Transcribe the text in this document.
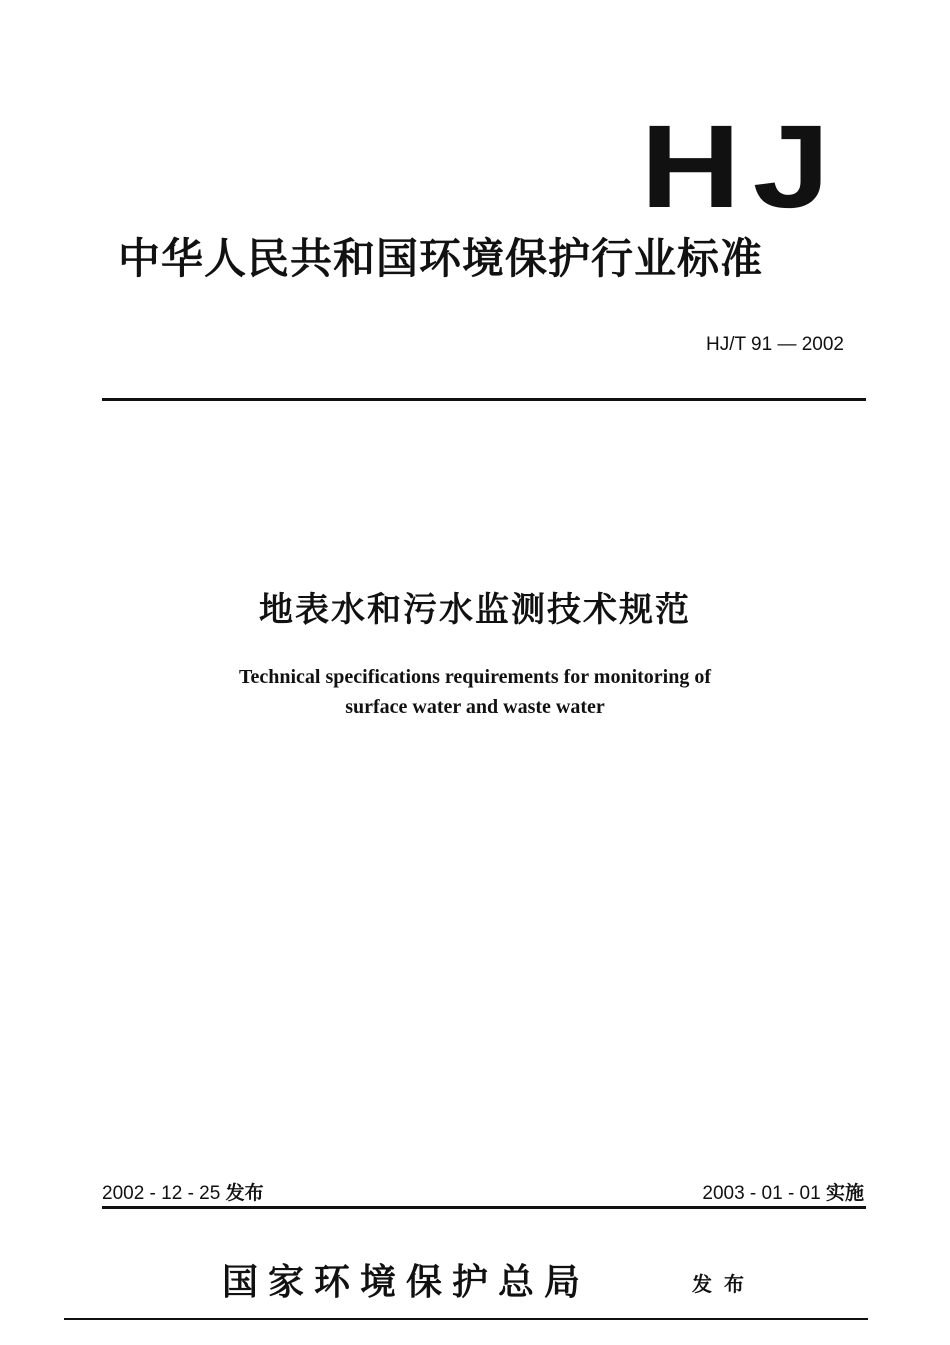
HJ
中华人民共和国环境保护行业标准
HJ/T 91 — 2002
地表水和污水监测技术规范
Technical specifications requirements for monitoring of
surface water and waste water
2002 - 12 - 25 发布	2003 - 01 - 01 实施
国家环境保护总局	发布
